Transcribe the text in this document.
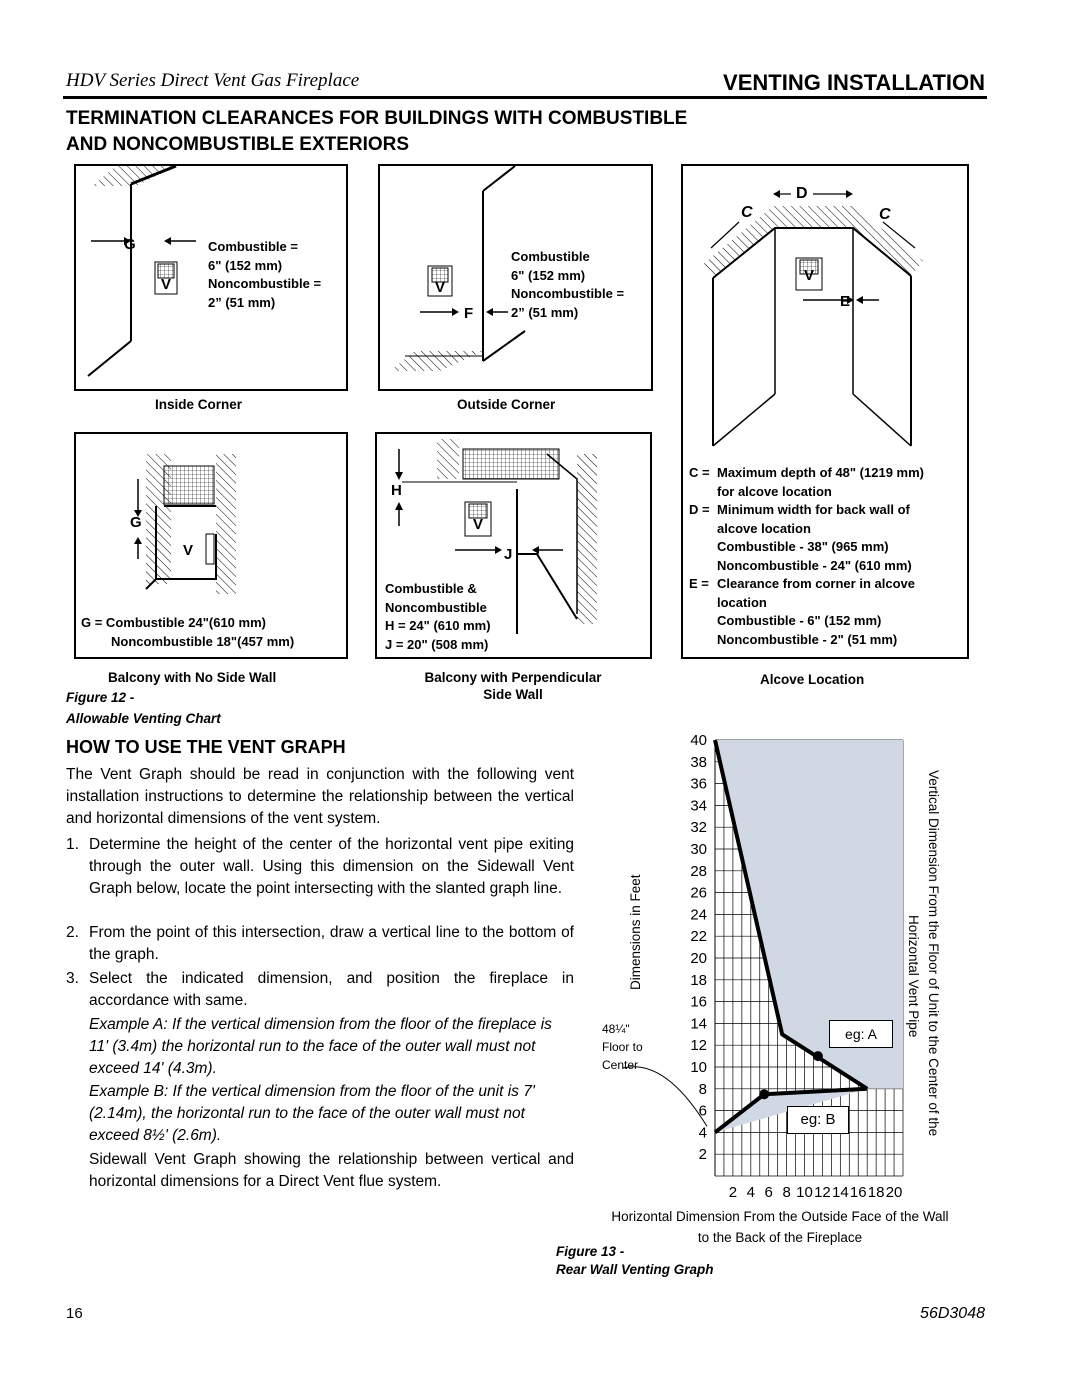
HDV Series Direct Vent Gas Fireplace	VENTING INSTALLATION
TERMINATION CLEARANCES FOR BUILDINGS WITH COMBUSTIBLE
AND NONCOMBUSTIBLE EXTERIORS
G
V
Combustible =
6" (152 mm)
Noncombustible =
2” (51 mm)
Inside Corner
V
F
Combustible
6" (152 mm)
Noncombustible =
2” (51 mm)
Outside Corner
C
D
C
V
E
C = Maximum depth of 48" (1219 mm)
for alcove location
D = Minimum width for back wall of
alcove location
Combustible - 38" (965 mm)
Noncombustible - 24" (610 mm)
E = Clearance from corner in alcove
location
Combustible - 6" (152 mm)
Noncombustible - 2" (51 mm)
Alcove Location
G
V
G = Combustible 24"(610 mm)
Noncombustible 18"(457 mm)
Balcony with No Side Wall
H
V
J
Combustible &
Noncombustible
H = 24" (610 mm)
J = 20" (508 mm)
Balcony with Perpendicular
Side Wall
Figure 12 -
Allowable Venting Chart
HOW TO USE THE VENT GRAPH
The Vent Graph should be read in conjunction with the following vent installation instructions to determine the relationship between the vertical and horizontal dimensions of the vent system.
1. Determine the height of the center of the horizontal vent pipe exiting through the outer wall. Using this dimension on the Sidewall Vent Graph below, locate the point intersecting with the slanted graph line.
2. From the point of this intersection, draw a vertical line to the bottom of the graph.
3. Select the indicated dimension, and position the fireplace in accordance with same.
Example A: If the vertical dimension from the floor of the fireplace is 11' (3.4m) the horizontal run to the face of the outer wall must not exceed 14' (4.3m).
Example B: If the vertical dimension from the floor of the unit is 7' (2.14m), the horizontal run to the face of the outer wall must not exceed 8½' (2.6m).
Sidewall Vent Graph showing the relationship between vertical and horizontal dimensions for a Direct Vent flue system.
2
4
6
8
10
12
14
16
18
20
22
24
26
28
30
32
34
36
38
40
2 4 6 8 10 12 14 16 18 20
Dimensions in Feet	Vertical Dimension From the Floor of Unit to the Center of the
Horizontal Vent Pipe
48¼"
Floor to
Center
eg: A
eg: B
Horizontal Dimension From the Outside Face of the Wall
to the Back of the Fireplace
Figure 13 -
Rear Wall Venting Graph
16	56D3048
